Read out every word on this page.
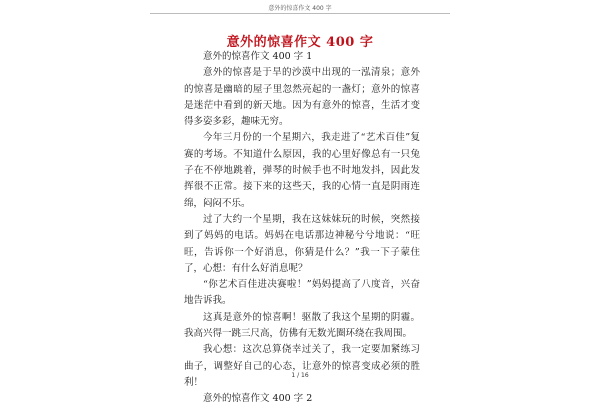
意外的惊喜作文 400 字
意外的惊喜作文 400 字

意外的惊喜作文 400 字 1

意外的惊喜是于旱的沙漠中出现的一泓清泉；意外的惊喜是幽暗的屋子里忽然亮起的一盏灯；意外的惊喜是迷茫中看到的新天地。因为有意外的惊喜，生活才变得多姿多彩，趣味无穷。

今年三月份的一个星期六，我走进了“艺术百佳”复赛的考场。不知道什么原因，我的心里好像总有一只兔子在不停地跳着，弹琴的时候手也不时地发抖，因此发挥很不正常。接下来的这些天，我的心情一直是阴雨连绵，闷闷不乐。

过了大约一个星期，我在这妹妹玩的时候，突然接到了妈妈的电话。妈妈在电话那边神秘兮兮地说：“旺旺，告诉你一个好消息，你猜是什么？”我一下子蒙住了，心想：有什么好消息呢？

“你艺术百佳进决赛啦！”妈妈提高了八度音，兴奋地告诉我。

这真是意外的惊喜啊！驱散了我这个星期的阴霾。我高兴得一跳三尺高，仿佛有无数光圈环绕在我周围。

我心想：这次总算侥幸过关了，我一定要加紧练习曲子，调整好自己的心态，让意外的惊喜变成必须的胜利！

意外的惊喜作文 400 字 2

1 / 16
